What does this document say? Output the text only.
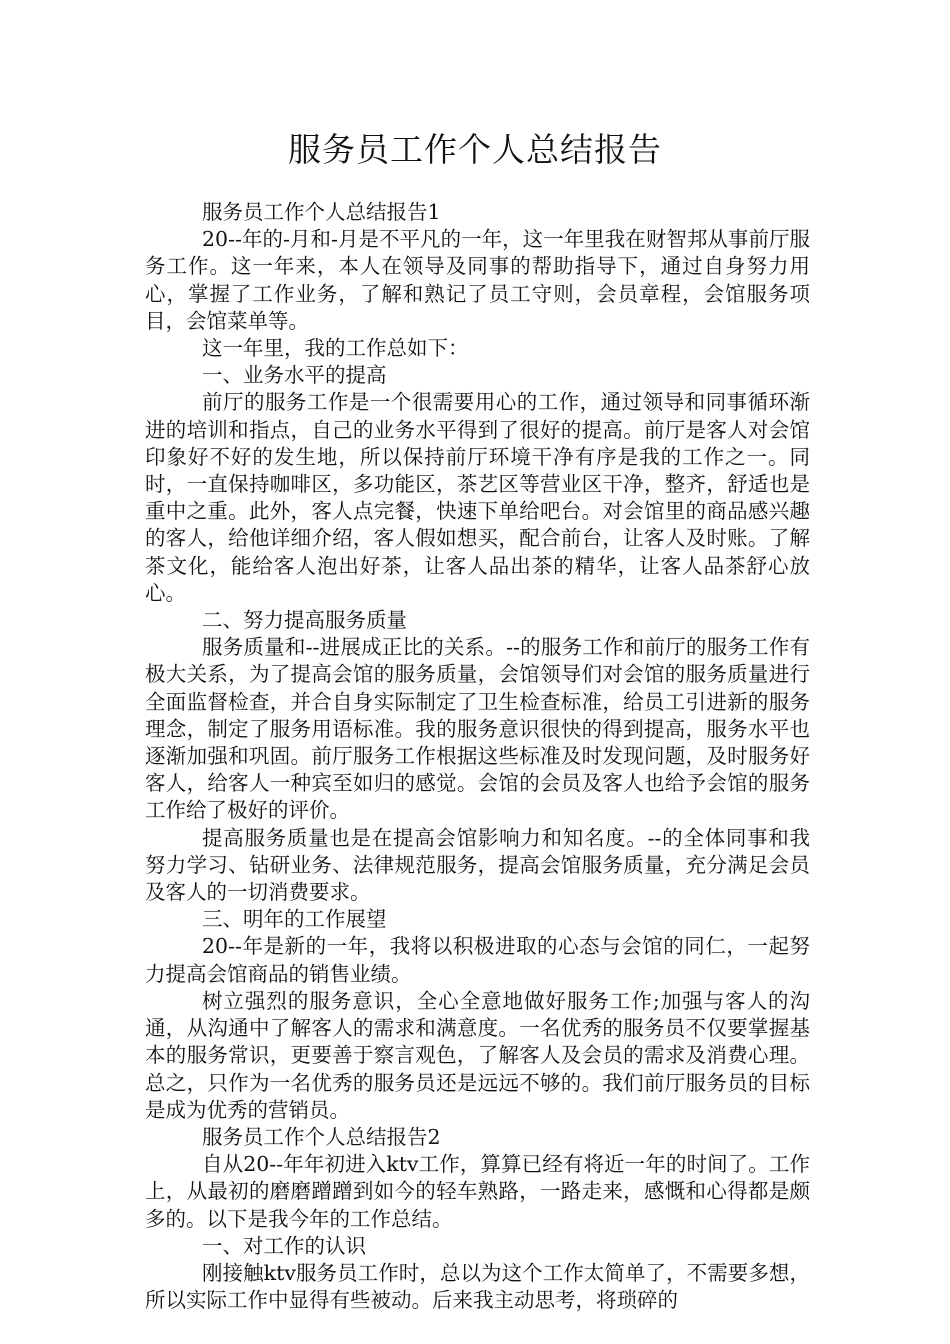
服务员工作个人总结报告

服务员工作个人总结报告1

20--年的-月和-月是不平凡的一年，这一年里我在财智邦从事前厅服务工作。这一年来，本人在领导及同事的帮助指导下，通过自身努力用心，掌握了工作业务，了解和熟记了员工守则，会员章程，会馆服务项目，会馆菜单等。

这一年里，我的工作总如下：

一、业务水平的提高

前厅的服务工作是一个很需要用心的工作，通过领导和同事循环渐进的培训和指点，自己的业务水平得到了很好的提高。前厅是客人对会馆印象好不好的发生地，所以保持前厅环境干净有序是我的工作之一。同时，一直保持咖啡区，多功能区，茶艺区等营业区干净，整齐，舒适也是重中之重。此外，客人点完餐，快速下单给吧台。对会馆里的商品感兴趣的客人，给他详细介绍，客人假如想买，配合前台，让客人及时账。了解茶文化，能给客人泡出好茶，让客人品出茶的精华，让客人品茶舒心放心。

二、努力提高服务质量

服务质量和--进展成正比的关系。--的服务工作和前厅的服务工作有极大关系，为了提高会馆的服务质量，会馆领导们对会馆的服务质量进行全面监督检查，并合自身实际制定了卫生检查标准，给员工引进新的服务理念，制定了服务用语标准。我的服务意识很快的得到提高，服务水平也逐渐加强和巩固。前厅服务工作根据这些标准及时发现问题，及时服务好客人，给客人一种宾至如归的感觉。会馆的会员及客人也给予会馆的服务工作给了极好的评价。

提高服务质量也是在提高会馆影响力和知名度。--的全体同事和我努力学习、钻研业务、法律规范服务，提高会馆服务质量，充分满足会员及客人的一切消费要求。

三、明年的工作展望

20--年是新的一年，我将以积极进取的心态与会馆的同仁，一起努力提高会馆商品的销售业绩。

树立强烈的服务意识，全心全意地做好服务工作;加强与客人的沟通，从沟通中了解客人的需求和满意度。一名优秀的服务员不仅要掌握基本的服务常识，更要善于察言观色，了解客人及会员的需求及消费心理。总之，只作为一名优秀的服务员还是远远不够的。我们前厅服务员的目标是成为优秀的营销员。

服务员工作个人总结报告2

自从20--年年初进入ktv工作，算算已经有将近一年的时间了。工作上，从最初的磨磨蹭蹭到如今的轻车熟路，一路走来，感慨和心得都是颇多的。以下是我今年的工作总结。

一、对工作的认识

刚接触ktv服务员工作时，总以为这个工作太简单了，不需要多想，所以实际工作中显得有些被动。后来我主动思考，将琐碎的
